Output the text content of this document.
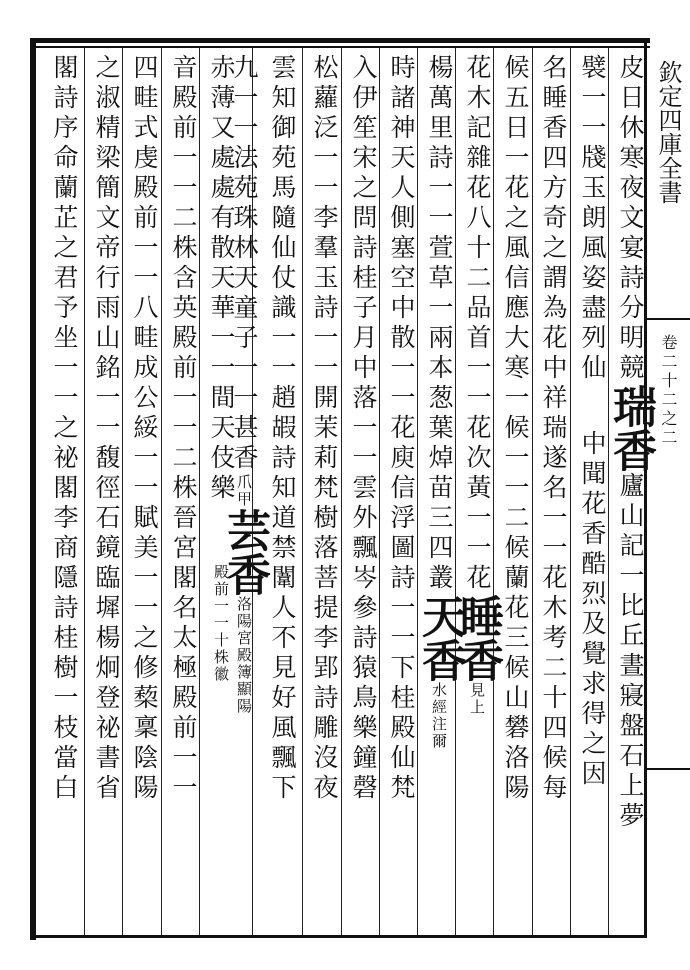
欽定四庫全書卷二十二之二
皮日休寒夜文宴詩分明競瑞香廬山記一比丘晝寢盤石上夢
襞一一牋玉朗風姿盡列仙中聞花香酷烈及覺求得之因
名睡香四方奇之謂為花中祥瑞遂名一一花木考二十四候每
候五日一花之風信應大寒一候一一二候蘭花三候山礬洛陽
花木記雜花八十二品首一一花次黃一一花睡香見上
楊萬里詩一一萱草一兩本葱葉焯苗三四叢天香水經注爾
時諸神天人側塞空中散一一花庾信浮圖詩一一下桂殿仙梵
入伊笙宋之問詩桂子月中落一一雲外飄岑參詩猿鳥樂鐘磬
松蘿泛一一李羣玉詩一一開茉莉梵樹落菩提李郢詩雕沒夜
雲知御苑馬隨仙仗識一一趙嘏詩知道禁闈人不見好風飄下
九一一法苑珠林天童子一一甚香爪甲芸香洛陽宮殿簿顯陽
赤薄又處處有散天華一一間天伎樂殿前一一十株徽
音殿前一一二株含英殿前一一二株晉宮閣名太極殿前一一
四畦式虔殿前一一八畦成公綏一一賦美一一之修蔾稟陰陽
之淑精梁簡文帝行雨山銘一一馥徑石鏡臨墀楊炯登祕書省
閣詩序命蘭芷之君予坐一一之祕閣李商隱詩桂樹一枝當白
